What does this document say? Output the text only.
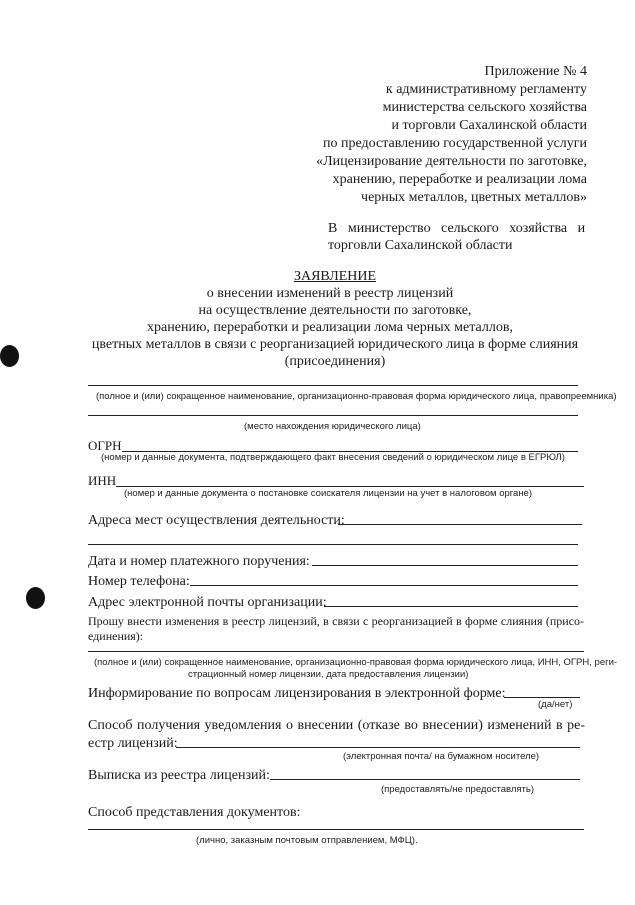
Приложение № 4
к административному регламенту
министерства сельского хозяйства
и торговли Сахалинской области
по предоставлению государственной услуги
«Лицензирование деятельности по заготовке,
хранению, переработке и реализации лома
черных металлов, цветных металлов»
В   министерство   сельского   хозяйства   и
торговли Сахалинской области
ЗАЯВЛЕНИЕ
о внесении изменений в реестр лицензий
на осуществление деятельности по заготовке,
хранению, переработки и реализации лома черных металлов,
цветных металлов в связи с реорганизацией юридического лица в форме слияния
(присоединения)
(полное и (или) сокращенное наименование, организационно-правовая форма юридического лица, правопреемника)
(место нахождения юридического лица)
ОГРН
(номер и данные документа, подтверждающего факт внесения сведений о юридическом лице в ЕГРЮЛ)
ИНН
(номер и данные документа о постановке соискателя лицензии на учет в налоговом органе)
Адреса мест осуществления деятельности:
Дата и номер платежного поручения:
Номер телефона:
Адрес электронной почты организации:
Прошу внести изменения в реестр лицензий, в связи с реорганизацией в форме слияния (присо-
единения):
(полное и (или) сокращенное наименование, организационно-правовая форма юридического лица, ИНН, ОГРН, реги-
страционный номер лицензии, дата предоставления лицензии)
Информирование по вопросам лицензирования в электронной форме:
(да/нет)
Способ получения уведомления о внесении (отказе во внесении) изменений в ре-
естр лицензий:
(электронная почта/ на бумажном носителе)
Выписка из реестра лицензий:
(предоставлять/не предоставлять)
Способ представления документов:
(лично, заказным почтовым отправлением, МФЦ).
